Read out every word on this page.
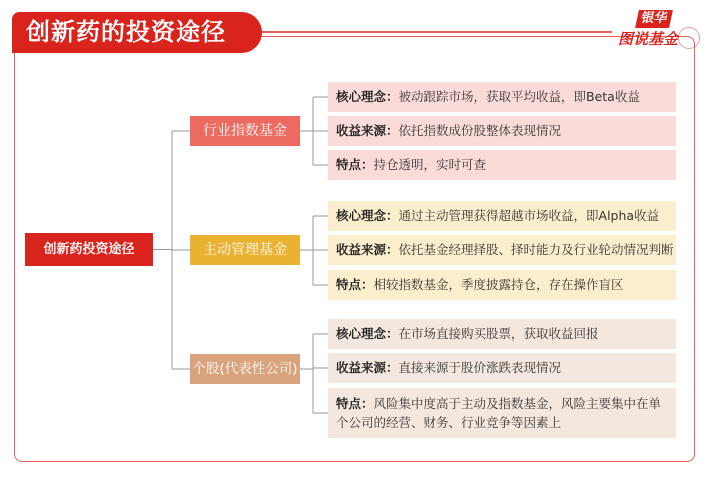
创新药的投资途径	银华
图说基金
创新药投资途径
行业指数基金
主动管理基金
个股(代表性公司)
核心理念：被动跟踪市场，获取平均收益，即Beta收益
收益来源：依托指数成份股整体表现情况
特点：持仓透明，实时可查
核心理念：通过主动管理获得超越市场收益，即Alpha收益
收益来源：依托基金经理择股、择时能力及行业轮动情况判断
特点：相较指数基金，季度披露持仓，存在操作盲区
核心理念：在市场直接购买股票，获取收益回报
收益来源：直接来源于股价涨跌表现情况
特点：风险集中度高于主动及指数基金，风险主要集中在单个公司的经营、财务、行业竞争等因素上
